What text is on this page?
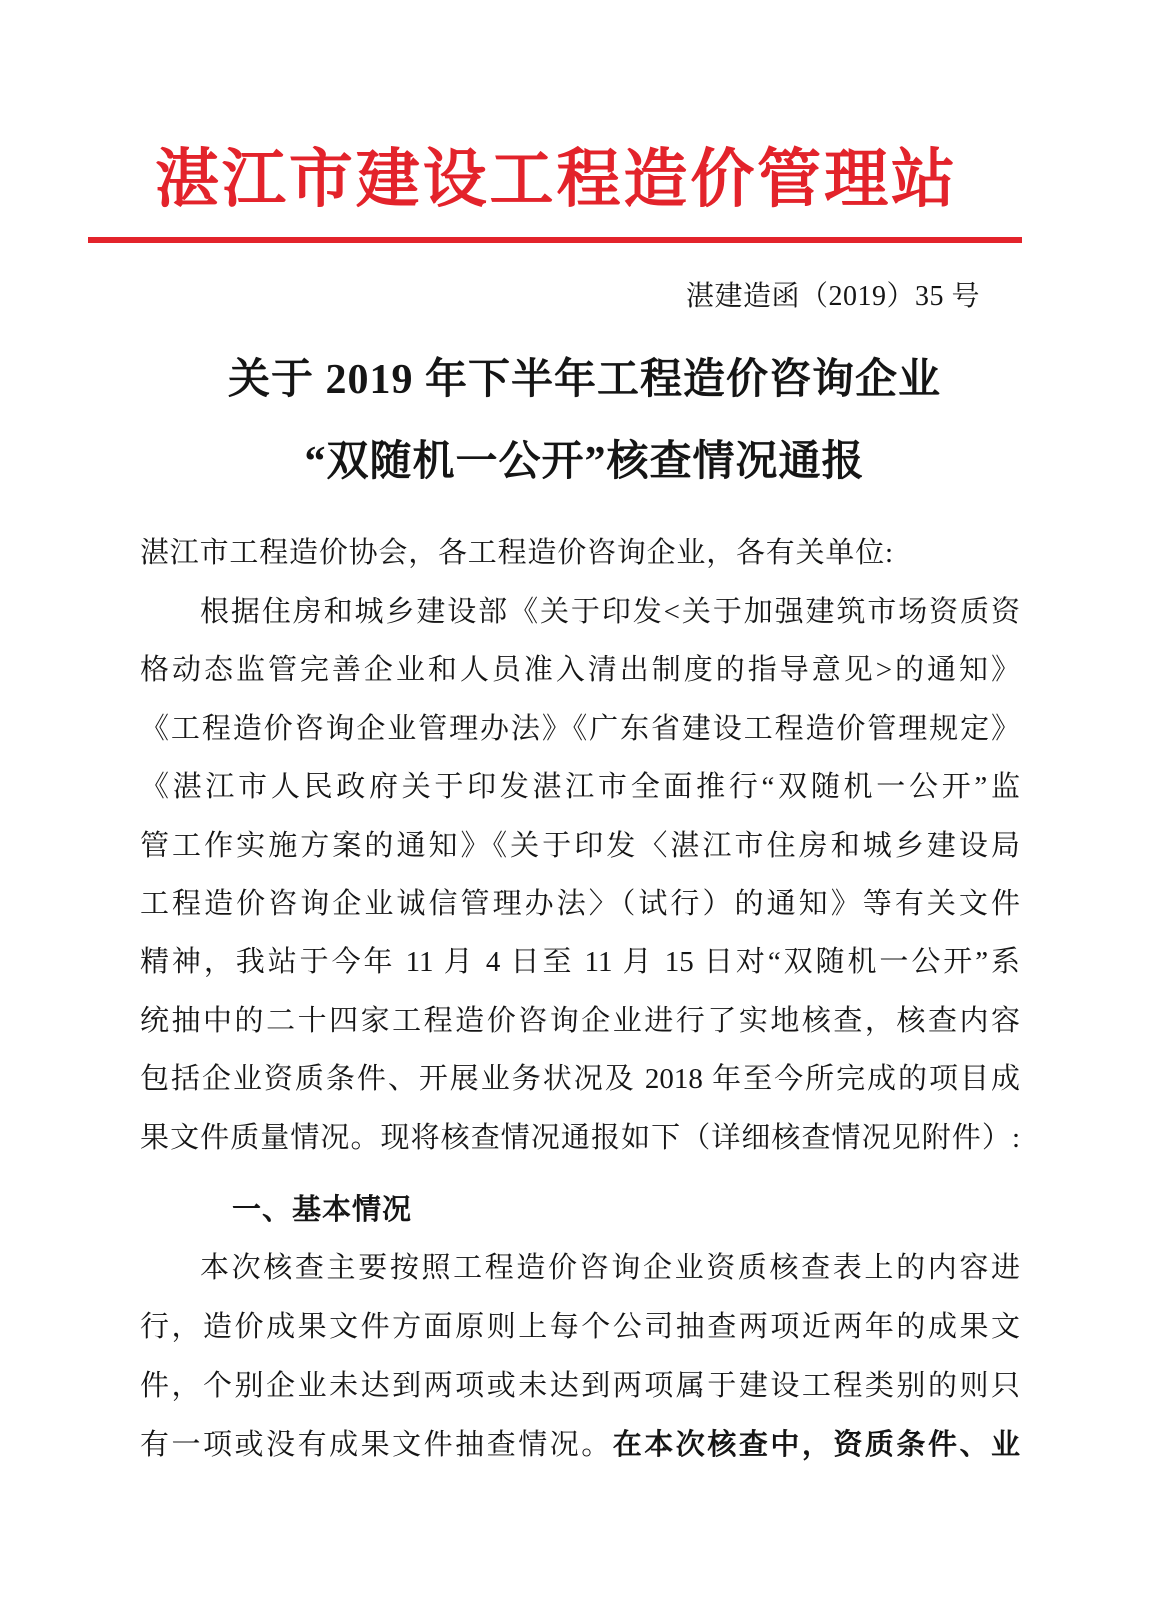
湛江市建设工程造价管理站
湛建造函（2019）35 号
关于 2019 年下半年工程造价咨询企业
“双随机一公开”核查情况通报
湛江市工程造价协会，各工程造价咨询企业，各有关单位:
根据住房和城乡建设部《关于印发<关于加强建筑市场资质资
格动态监管完善企业和人员准入清出制度的指导意见>的通知》
《工程造价咨询企业管理办法》《广东省建设工程造价管理规定》
《湛江市人民政府关于印发湛江市全面推行“双随机一公开”监
管工作实施方案的通知》《关于印发〈湛江市住房和城乡建设局
工程造价咨询企业诚信管理办法〉（试行）的通知》等有关文件
精神，我站于今年 11 月 4 日至 11 月 15 日对“双随机一公开”系
统抽中的二十四家工程造价咨询企业进行了实地核查，核查内容
包括企业资质条件、开展业务状况及 2018 年至今所完成的项目成
果文件质量情况。现将核查情况通报如下（详细核查情况见附件）:
一、基本情况
本次核查主要按照工程造价咨询企业资质核查表上的内容进
行，造价成果文件方面原则上每个公司抽查两项近两年的成果文
件，个别企业未达到两项或未达到两项属于建设工程类别的则只
有一项或没有成果文件抽查情况。在本次核查中，资质条件、业
